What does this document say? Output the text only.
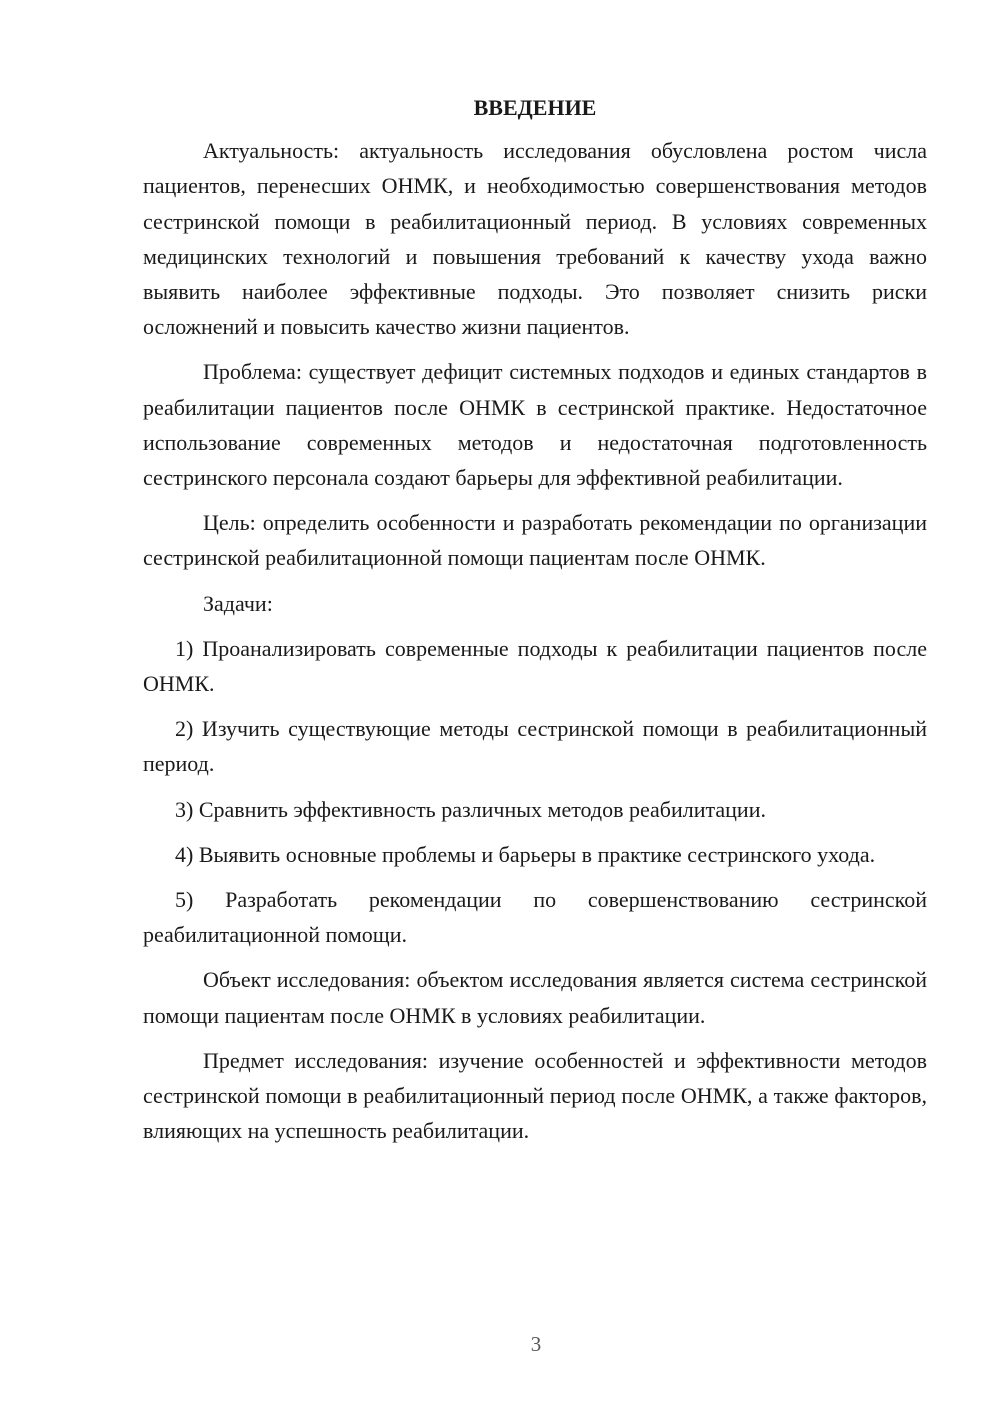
ВВЕДЕНИЕ

Актуальность: актуальность исследования обусловлена ростом числа пациентов, перенесших ОНМК, и необходимостью совершенствования методов сестринской помощи в реабилитационный период. В условиях современных медицинских технологий и повышения требований к качеству ухода важно выявить наиболее эффективные подходы. Это позволяет снизить риски осложнений и повысить качество жизни пациентов.

Проблема: существует дефицит системных подходов и единых стандартов в реабилитации пациентов после ОНМК в сестринской практике. Недостаточное использование современных методов и недостаточная подготовленность сестринского персонала создают барьеры для эффективной реабилитации.

Цель: определить особенности и разработать рекомендации по организации сестринской реабилитационной помощи пациентам после ОНМК.

Задачи:

1) Проанализировать современные подходы к реабилитации пациентов после ОНМК.

2) Изучить существующие методы сестринской помощи в реабилитационный период.

3) Сравнить эффективность различных методов реабилитации.

4) Выявить основные проблемы и барьеры в практике сестринского ухода.

5) Разработать рекомендации по совершенствованию сестринской реабилитационной помощи.

Объект исследования: объектом исследования является система сестринской помощи пациентам после ОНМК в условиях реабилитации.

Предмет исследования: изучение особенностей и эффективности методов сестринской помощи в реабилитационный период после ОНМК, а также факторов, влияющих на успешность реабилитации.

3
